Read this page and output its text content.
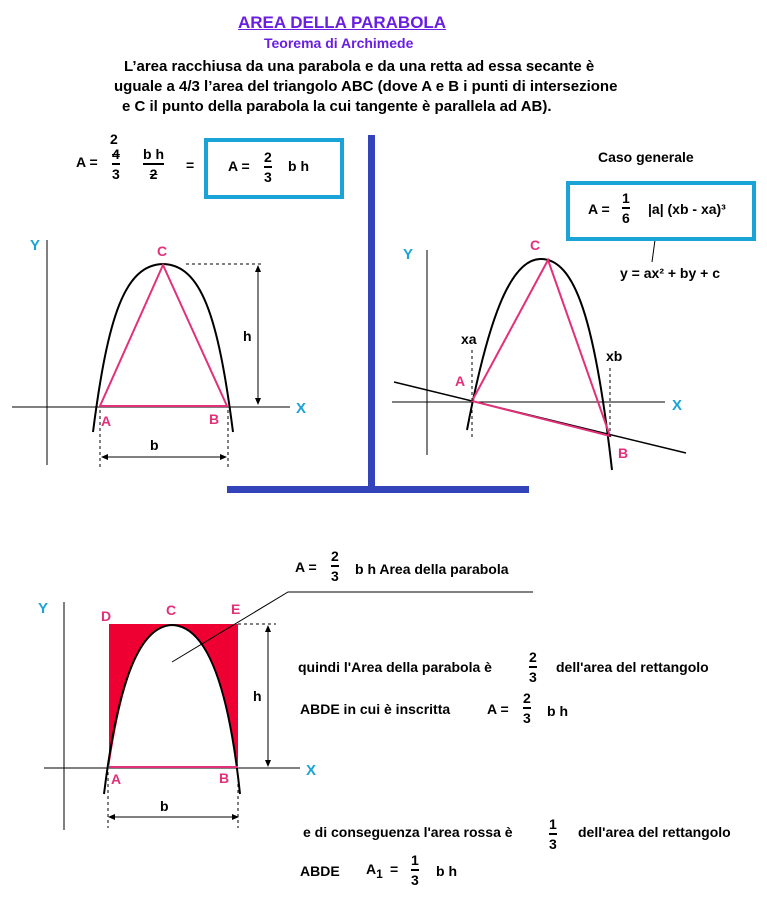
AREA DELLA PARABOLA
Teorema di Archimede
L’area racchiusa da una parabola e da una retta ad essa secante è
uguale a 4/3 l’area del triangolo ABC (dove A e B i punti di intersezione
e C il punto della parabola la cui tangente è parallela ad AB).
A =
2
4
3
b h
2
= A =
2
3
b h
Caso generale
A =
1
6
|a| (xb - xa)³
y = ax² + by + c
Y
X
C
A	B
h
b
Y
X
C
A
B
xa
xb
Y
X
D	C	E
A	B
h
b
A =
2
3 b h Area della parabola
quindi l'Area della parabola è
2
3
dell'area del rettangolo
ABDE in cui è inscritta	A =
2
3 b h
e di conseguenza l'area rossa è	1
3
dell'area del rettangolo
ABDE $A_1$ =
1
3
b h
